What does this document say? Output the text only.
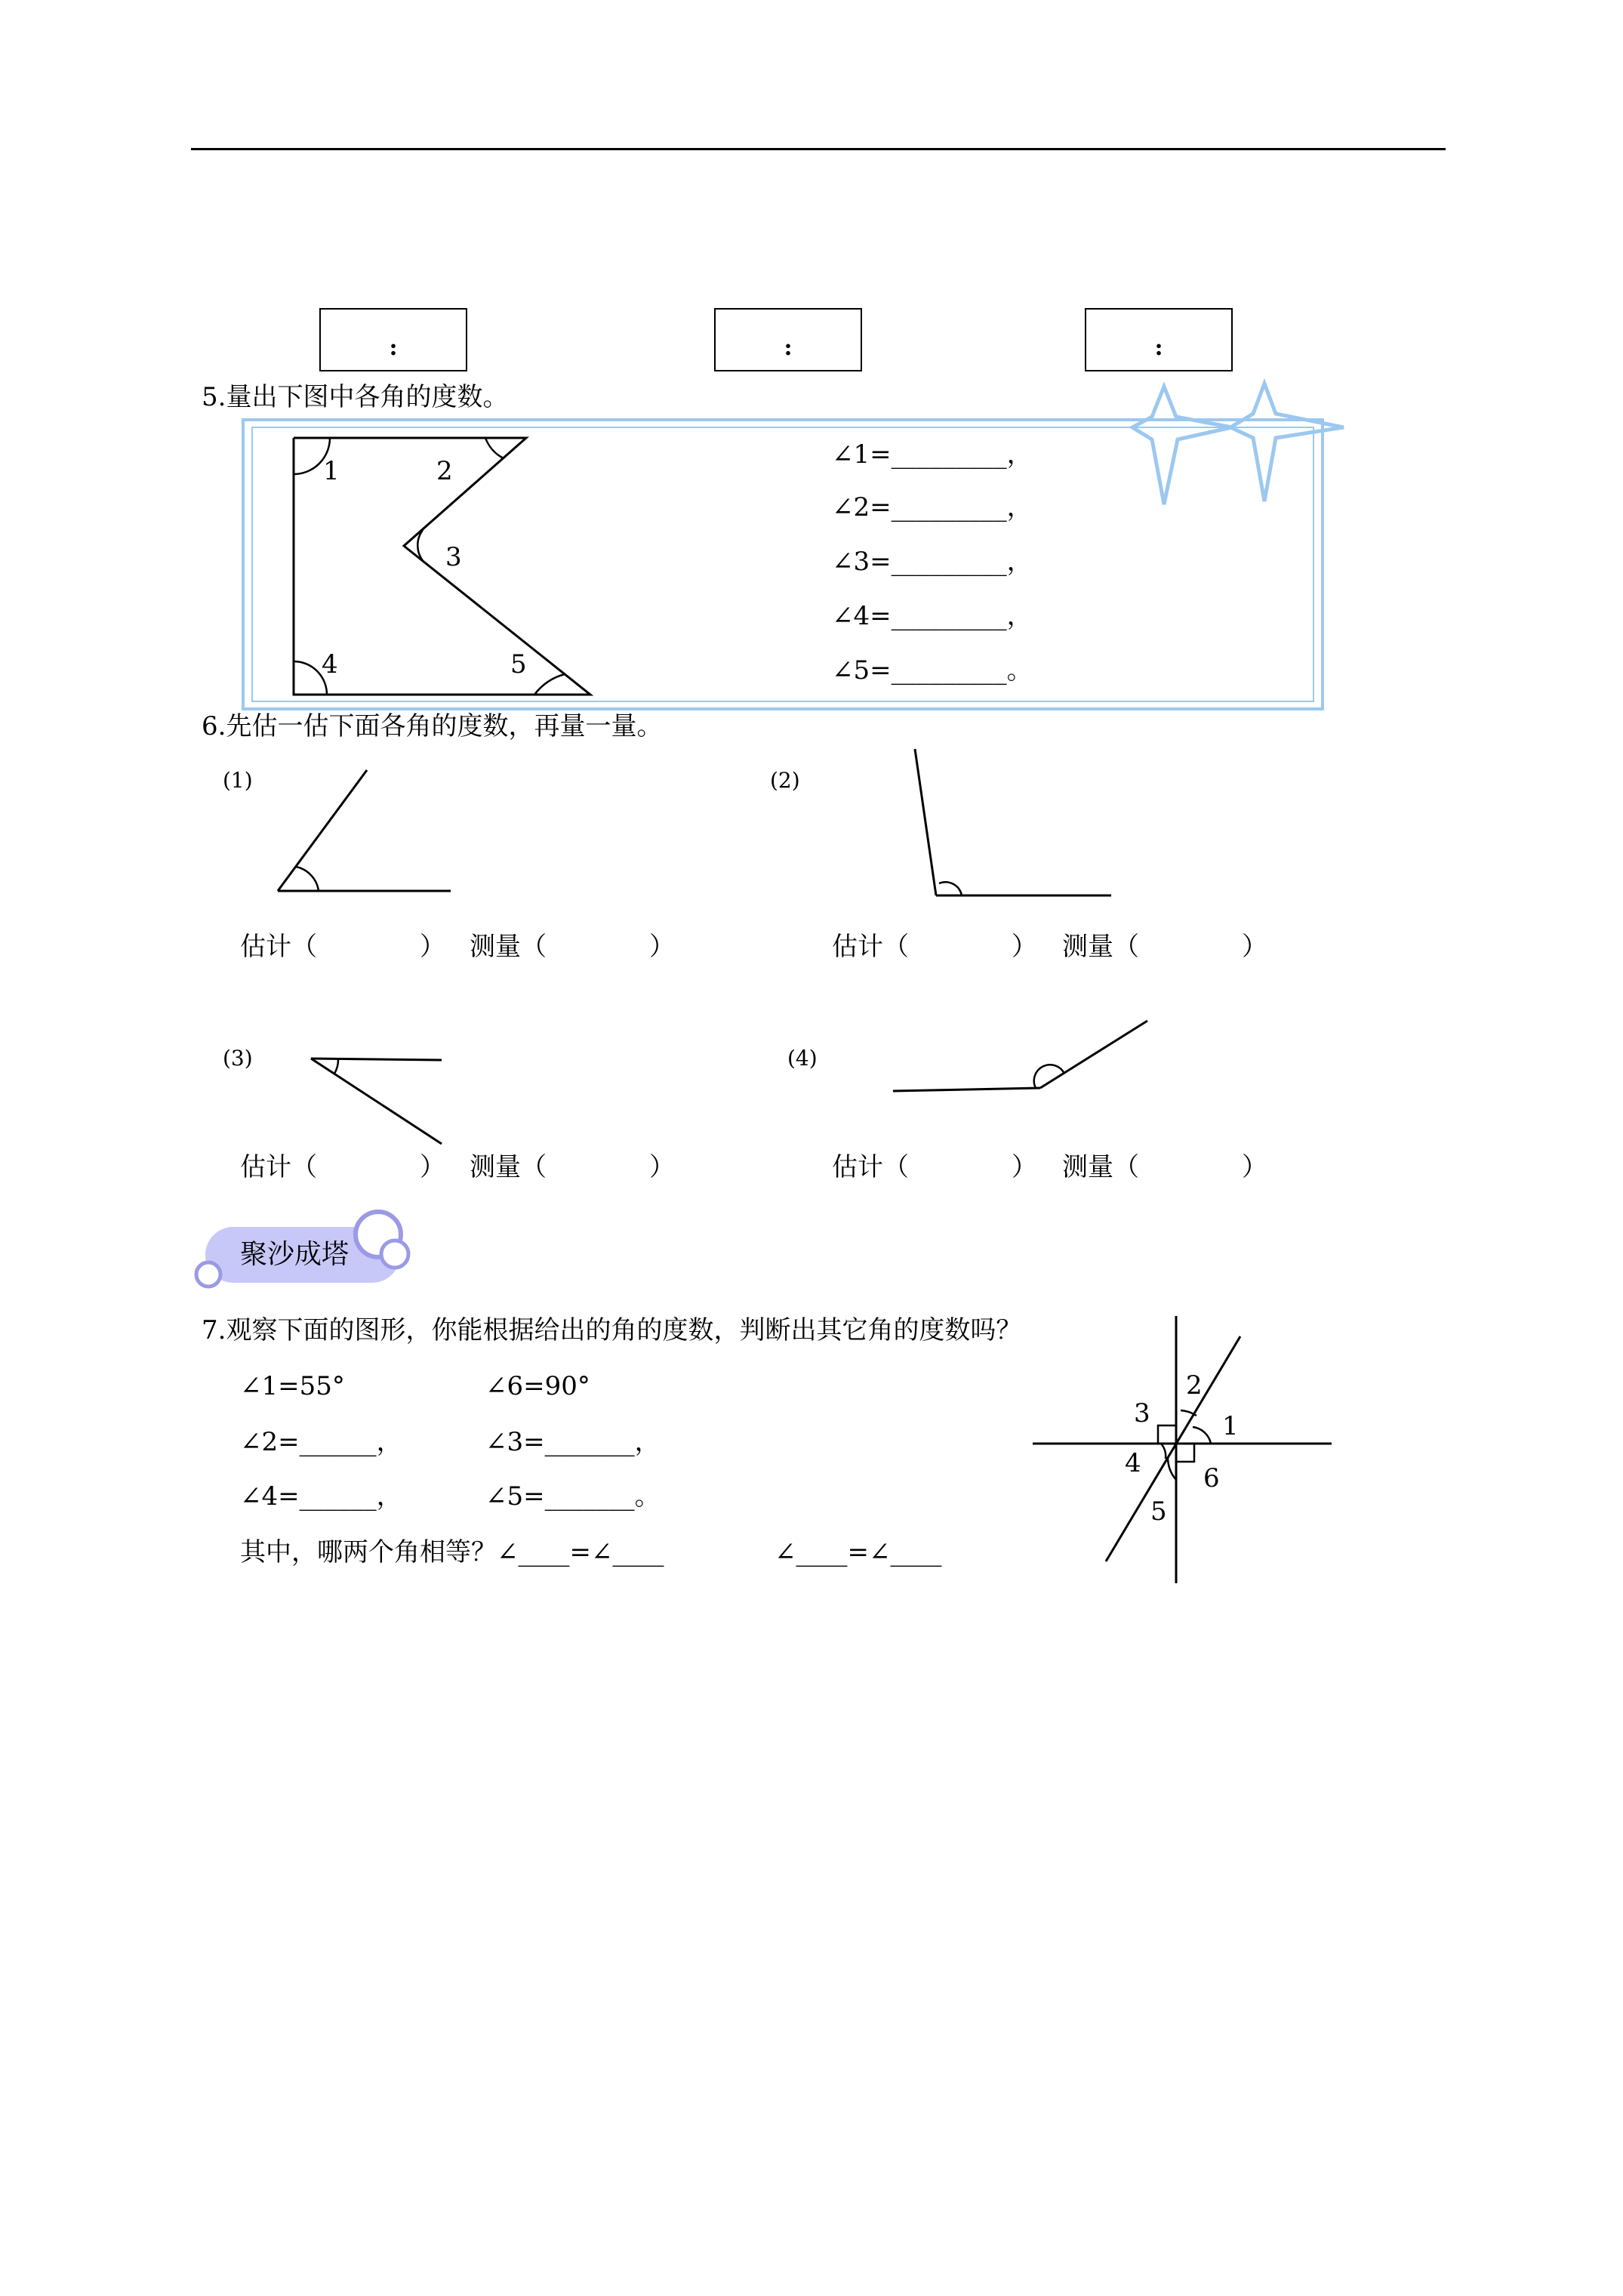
:	:	:
5.量出下图中各角的度数。
1	2
3
4	5
∠1=_________，
∠2=_________，
∠3=_________，
∠4=_________，
∠5=_________。
6.先估一估下面各角的度数，再量一量。
(1)	(2)
(3)	(4)
估计（　　　　） 测量（　　　　）	估计（　　　　） 测量（　　　　）
估计（　　　　） 测量（　　　　）	估计（　　　　） 测量（　　　　）
聚沙成塔
7.观察下面的图形，你能根据给出的角的度数，判断出其它角的度数吗？
∠1=55°	∠6=90°
∠2=______，	∠3=_______，
∠4=______，	∠5=_______。
其中，哪两个角相等？∠____=∠____	∠____=∠____
1
2
3
4
5
6
